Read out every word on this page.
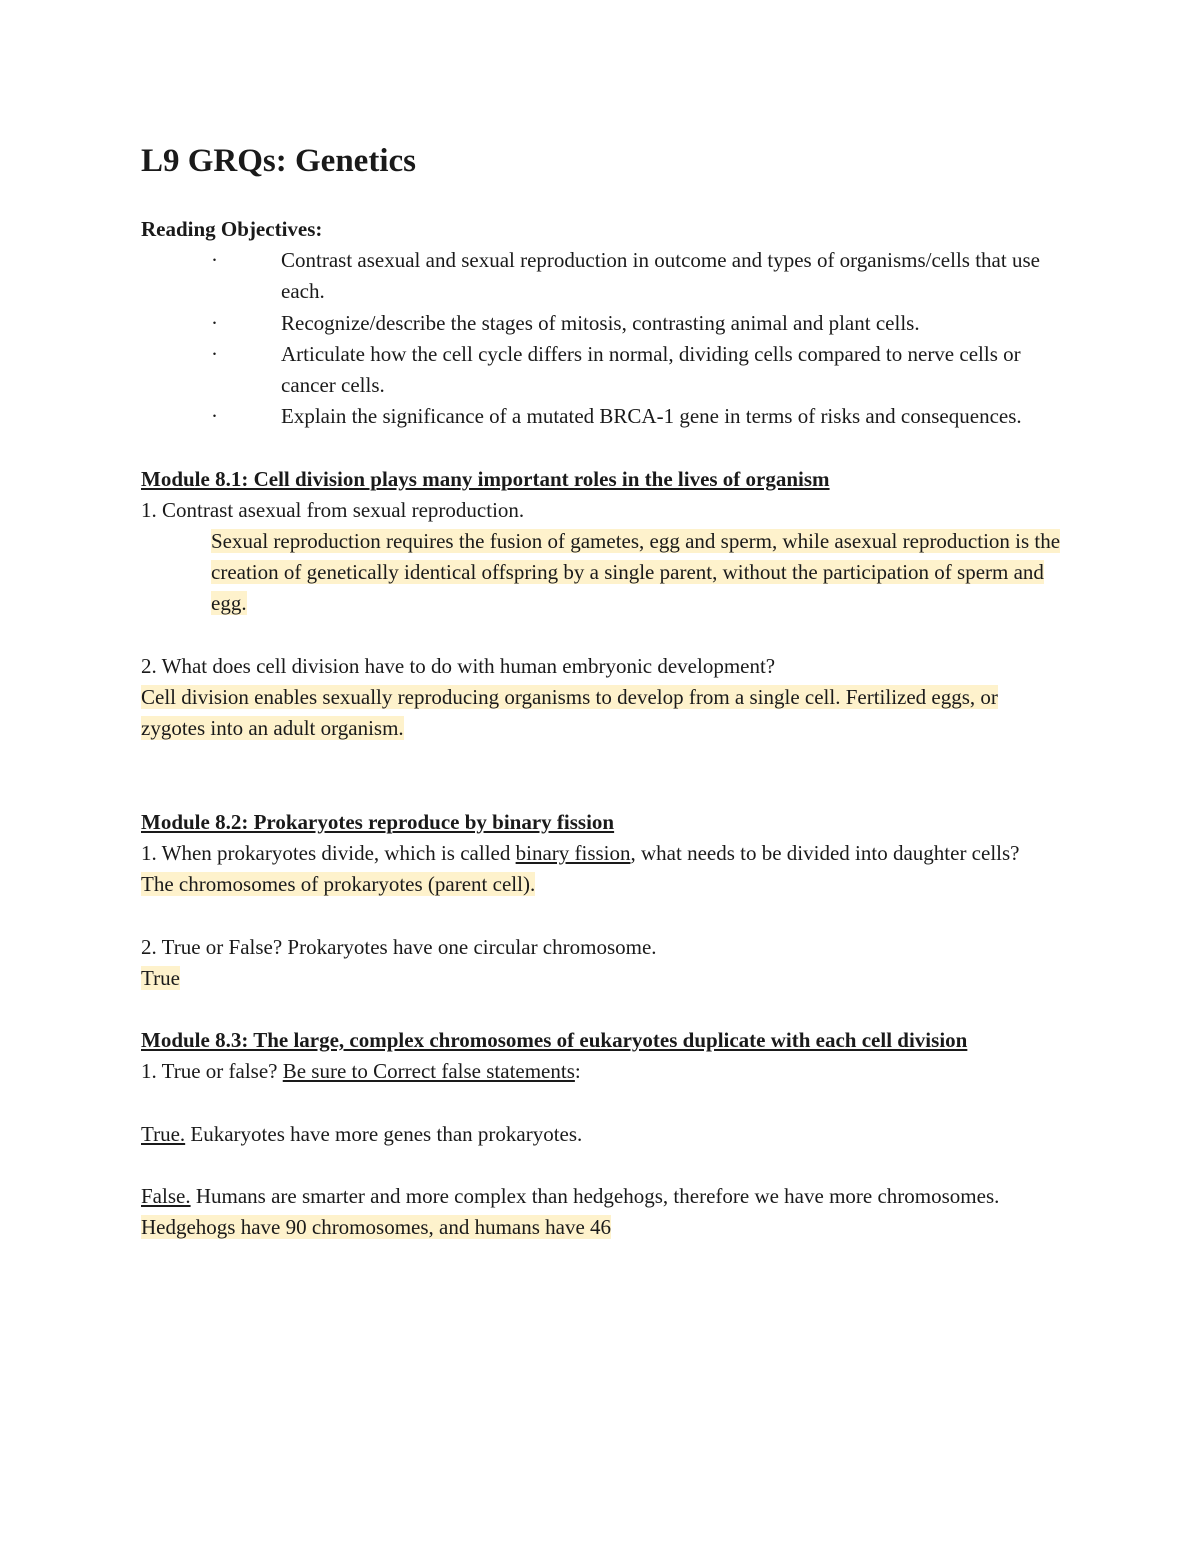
L9 GRQs: Genetics
Reading Objectives:
·	Contrast asexual and sexual reproduction in outcome and types of organisms/cells that use each.
·	Recognize/describe the stages of mitosis, contrasting animal and plant cells.
·	Articulate how the cell cycle differs in normal, dividing cells compared to nerve cells or cancer cells.
·	Explain the significance of a mutated BRCA-1 gene in terms of risks and consequences.
Module 8.1: Cell division plays many important roles in the lives of organism
1. Contrast asexual from sexual reproduction.
Sexual reproduction requires the fusion of gametes, egg and sperm, while asexual reproduction is the creation of genetically identical offspring by a single parent, without the participation of sperm and egg.
2. What does cell division have to do with human embryonic development?
Cell division enables sexually reproducing organisms to develop from a single cell. Fertilized eggs, or zygotes into an adult organism.
Module 8.2: Prokaryotes reproduce by binary fission
1. When prokaryotes divide, which is called binary fission, what needs to be divided into daughter cells?
The chromosomes of prokaryotes (parent cell).
2. True or False? Prokaryotes have one circular chromosome.
True
Module 8.3: The large, complex chromosomes of eukaryotes duplicate with each cell division
1. True or false? Be sure to Correct false statements:
True. Eukaryotes have more genes than prokaryotes.
False. Humans are smarter and more complex than hedgehogs, therefore we have more chromosomes.
Hedgehogs have 90 chromosomes, and humans have 46
